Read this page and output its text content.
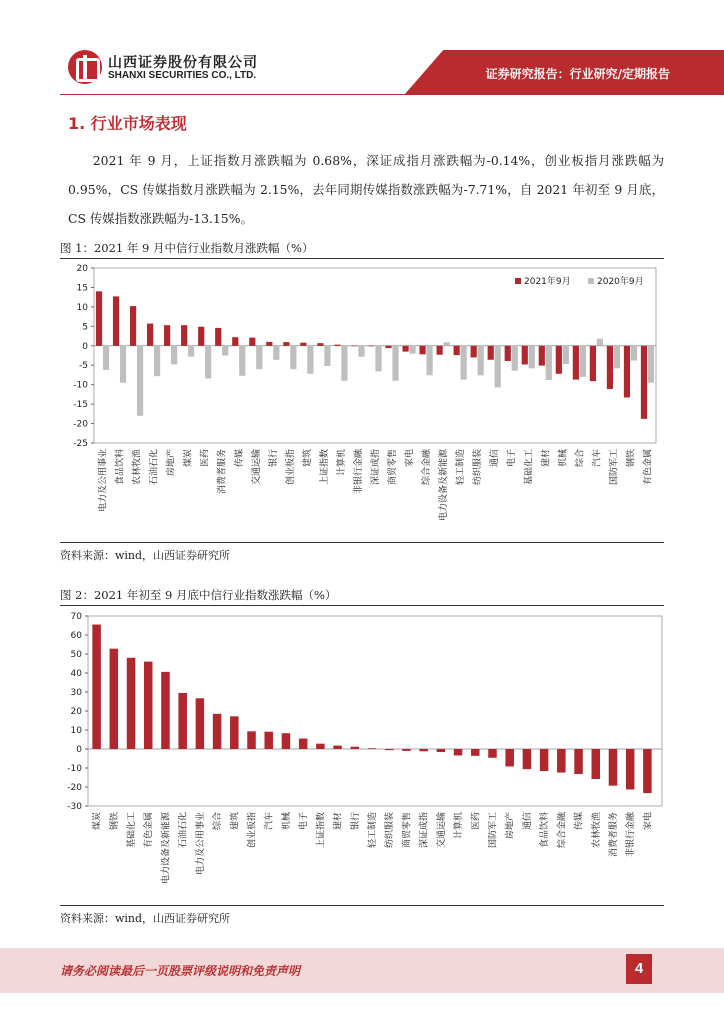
山西证券股份有限公司
SHANXI SECURITIES CO., LTD.	证券研究报告：行业研究/定期报告
1. 行业市场表现
2021 年 9 月，上证指数月涨跌幅为 0.68%，深证成指月涨跌幅为-0.14%，创业板指月涨跌幅为 0.95%，CS 传媒指数月涨跌幅为 2.15%，去年同期传媒指数涨跌幅为-7.71%，自 2021 年初至 9 月底，CS 传媒指数涨跌幅为-13.15%。
图 1：2021 年 9 月中信行业指数月涨跌幅（%）
20
15
10
5
0
-5
-10
-15
-20
-25
电力及公用事业 食品饮料 农林牧渔 石油石化 房地产 煤炭 医药 消费者服务 传媒 交通运输 银行 创业板指 建筑 上证指数 计算机 非银行金融 深证成指 商贸零售 家电 综合金融 电力设备及新能源 轻工制造 纺织服装 通信 电子 基础化工 建材 机械 综合 汽车 国防军工 钢铁 有色金属
2021年9月	2020年9月
资料来源：wind，山西证券研究所
图 2：2021 年初至 9 月底中信行业指数涨跌幅（%）
70
60
50
40
30
20
10
0
-10
-20
-30
煤炭 钢铁 基础化工 有色金属 电力设备及新能源 石油石化 电力及公用事业 综合 建筑 创业板指 汽车 机械 电子 上证指数 建材 银行 轻工制造 纺织服装 商贸零售 深证成指 交通运输 计算机 医药 国防军工 房地产 通信 食品饮料 综合金融 传媒 农林牧渔 消费者服务 非银行金融 家电
资料来源：wind，山西证券研究所
请务必阅读最后一页股票评级说明和免责声明	4
